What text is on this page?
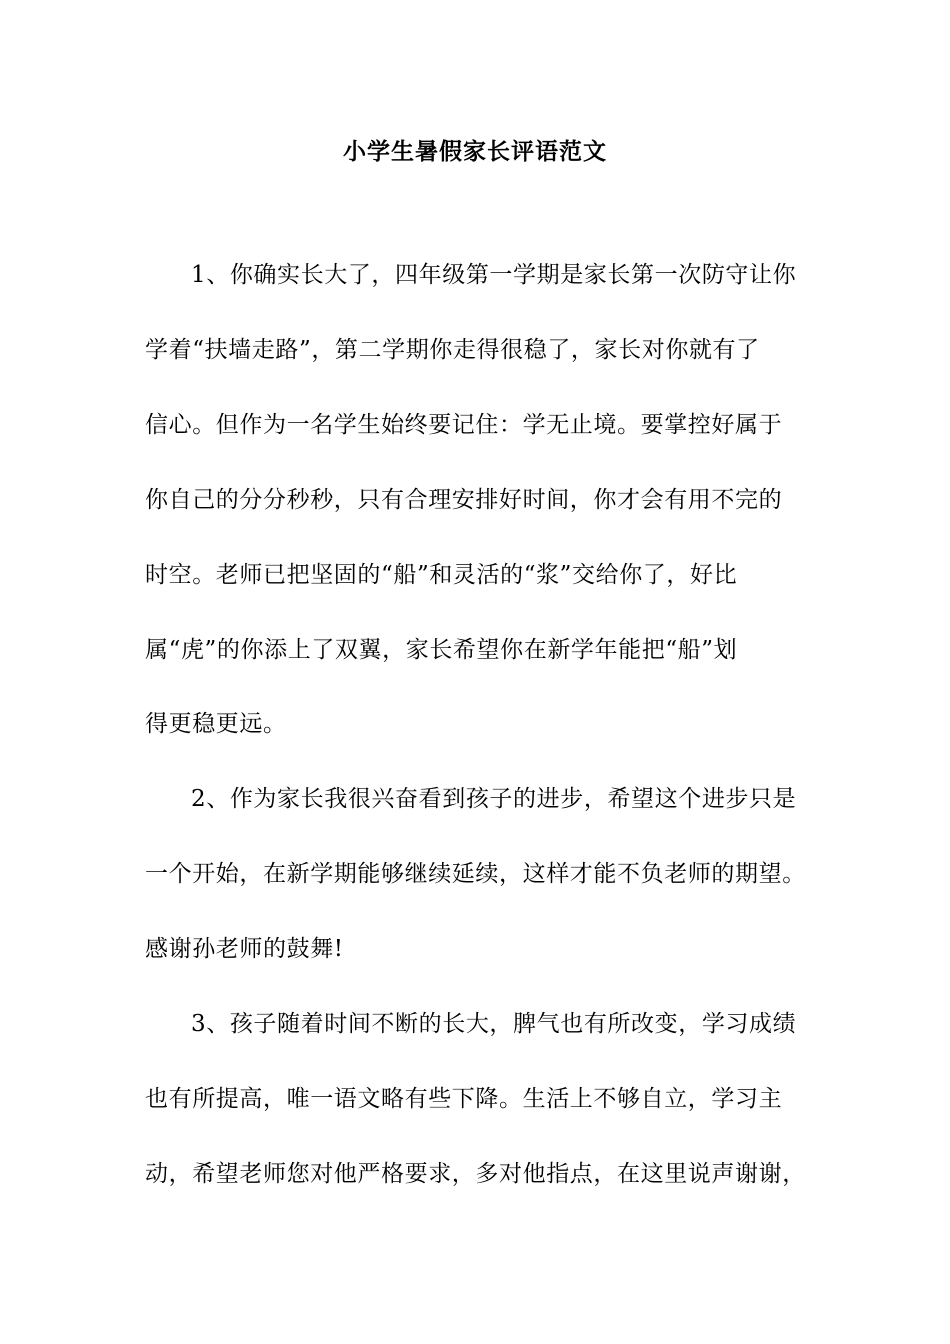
小学生暑假家长评语范文
1、你确实长大了，四年级第一学期是家长第一次防守让你
学着“扶墙走路”，第二学期你走得很稳了，家长对你就有了
信心。但作为一名学生始终要记住：学无止境。要掌控好属于
你自己的分分秒秒，只有合理安排好时间，你才会有用不完的
时空。老师已把坚固的“船”和灵活的“浆”交给你了，好比
属“虎”的你添上了双翼，家长希望你在新学年能把“船”划
得更稳更远。
2、作为家长我很兴奋看到孩子的进步，希望这个进步只是
一个开始，在新学期能够继续延续，这样才能不负老师的期望。
感谢孙老师的鼓舞!
3、孩子随着时间不断的长大，脾气也有所改变，学习成绩
也有所提高，唯一语文略有些下降。生活上不够自立，学习主
动，希望老师您对他严格要求，多对他指点，在这里说声谢谢，
